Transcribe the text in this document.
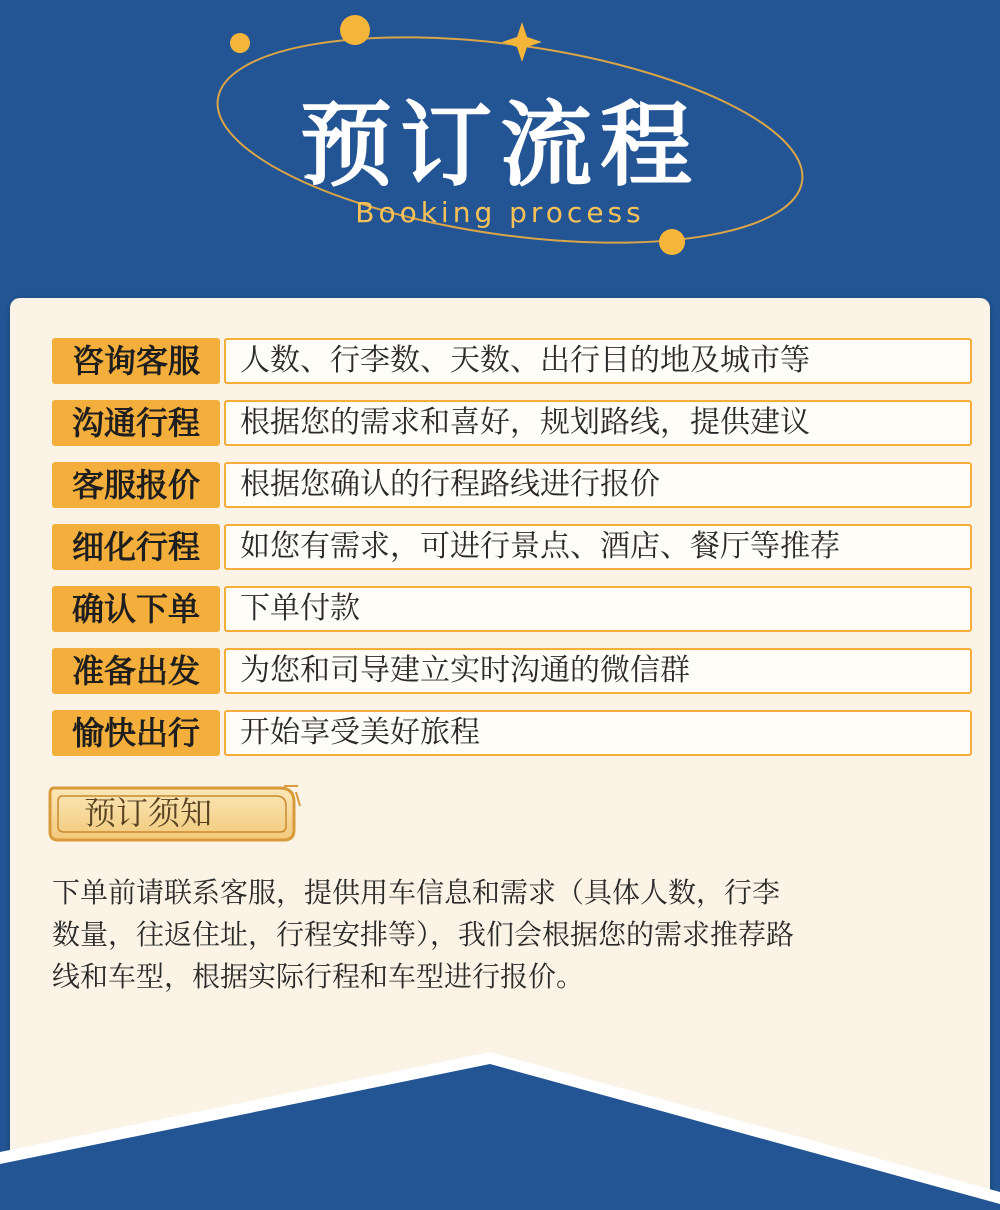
预订流程
Booking process
咨询客服	人数、行李数、天数、出行目的地及城市等
沟通行程	根据您的需求和喜好，规划路线，提供建议
客服报价	根据您确认的行程路线进行报价
细化行程	如您有需求，可进行景点、酒店、餐厅等推荐
确认下单	下单付款
准备出发	为您和司导建立实时沟通的微信群
愉快出行	开始享受美好旅程
预订须知
下单前请联系客服，提供用车信息和需求（具体人数，行李
数量，往返住址，行程安排等），我们会根据您的需求推荐路
线和车型，根据实际行程和车型进行报价。
